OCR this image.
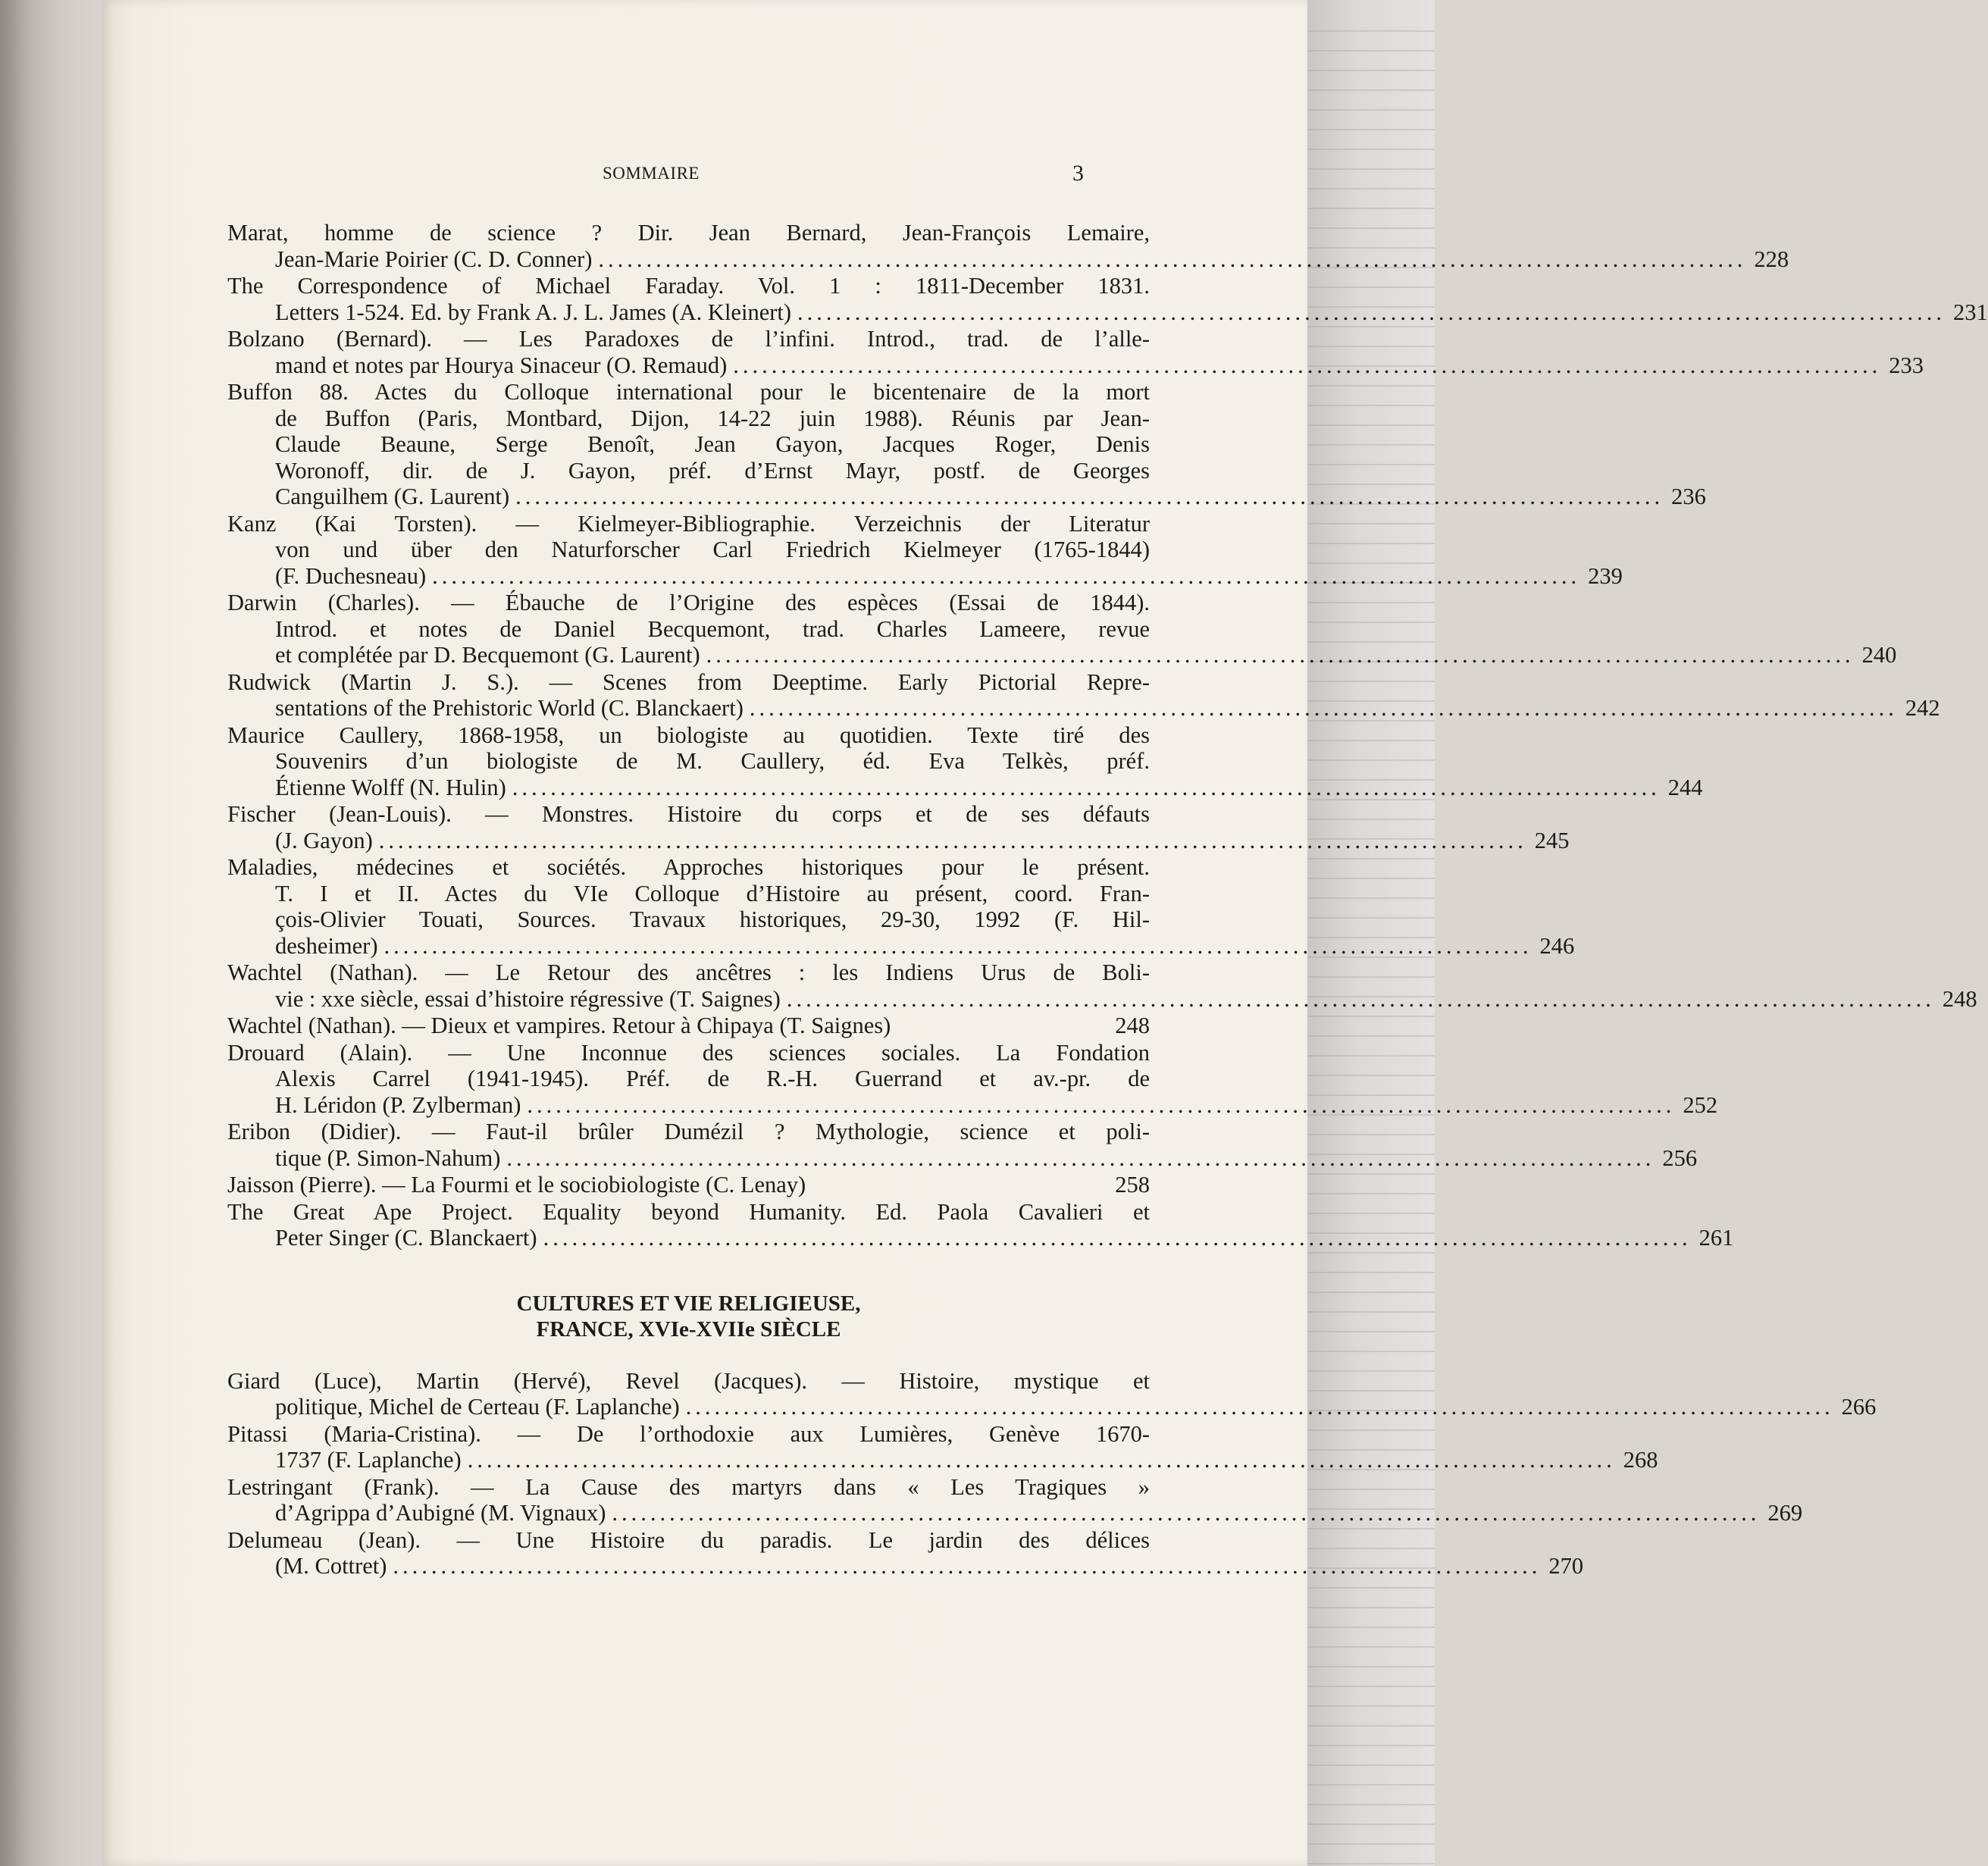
SOMMAIRE	3
Marat, homme de science ? Dir. Jean Bernard, Jean-François Lemaire,
Jean-Marie Poirier (C. D. Conner) ........................................................................................................................ 228
The Correspondence of Michael Faraday. Vol. 1 : 1811-December 1831.
Letters 1-524. Ed. by Frank A. J. L. James (A. Kleinert) ........................................................................................................................ 231
Bolzano (Bernard). — Les Paradoxes de l’infini. Introd., trad. de l’alle-
mand et notes par Hourya Sinaceur (O. Remaud) ........................................................................................................................ 233
Buffon 88. Actes du Colloque international pour le bicentenaire de la mort
de Buffon (Paris, Montbard, Dijon, 14-22 juin 1988). Réunis par Jean-
Claude Beaune, Serge Benoît, Jean Gayon, Jacques Roger, Denis
Woronoff, dir. de J. Gayon, préf. d’Ernst Mayr, postf. de Georges
Canguilhem (G. Laurent) ........................................................................................................................ 236
Kanz (Kai Torsten). — Kielmeyer-Bibliographie. Verzeichnis der Literatur
von und über den Naturforscher Carl Friedrich Kielmeyer (1765-1844)
(F. Duchesneau) ........................................................................................................................ 239
Darwin (Charles). — Ébauche de l’Origine des espèces (Essai de 1844).
Introd. et notes de Daniel Becquemont, trad. Charles Lameere, revue
et complétée par D. Becquemont (G. Laurent) ........................................................................................................................ 240
Rudwick (Martin J. S.). — Scenes from Deeptime. Early Pictorial Repre-
sentations of the Prehistoric World (C. Blanckaert) ........................................................................................................................ 242
Maurice Caullery, 1868-1958, un biologiste au quotidien. Texte tiré des
Souvenirs d’un biologiste de M. Caullery, éd. Eva Telkès, préf.
Étienne Wolff (N. Hulin) ........................................................................................................................ 244
Fischer (Jean-Louis). — Monstres. Histoire du corps et de ses défauts
(J. Gayon) ........................................................................................................................ 245
Maladies, médecines et sociétés. Approches historiques pour le présent.
T. I et II. Actes du VIe Colloque d’Histoire au présent, coord. Fran-
çois-Olivier Touati, Sources. Travaux historiques, 29-30, 1992 (F. Hil-
desheimer) ........................................................................................................................ 246
Wachtel (Nathan). — Le Retour des ancêtres : les Indiens Urus de Boli-
vie : xxe siècle, essai d’histoire régressive (T. Saignes) ........................................................................................................................ 248
Wachtel (Nathan). — Dieux et vampires. Retour à Chipaya (T. Saignes)	248
Drouard (Alain). — Une Inconnue des sciences sociales. La Fondation
Alexis Carrel (1941-1945). Préf. de R.-H. Guerrand et av.-pr. de
H. Léridon (P. Zylberman) ........................................................................................................................ 252
Eribon (Didier). — Faut-il brûler Dumézil ? Mythologie, science et poli-
tique (P. Simon-Nahum) ........................................................................................................................ 256
Jaisson (Pierre). — La Fourmi et le sociobiologiste (C. Lenay)	258
The Great Ape Project. Equality beyond Humanity. Ed. Paola Cavalieri et
Peter Singer (C. Blanckaert) ........................................................................................................................ 261
CULTURES ET VIE RELIGIEUSE,
FRANCE, XVIe-XVIIe SIÈCLE
Giard (Luce), Martin (Hervé), Revel (Jacques). — Histoire, mystique et
politique, Michel de Certeau (F. Laplanche) ........................................................................................................................ 266
Pitassi (Maria-Cristina). — De l’orthodoxie aux Lumières, Genève 1670-
1737 (F. Laplanche) ........................................................................................................................ 268
Lestringant (Frank). — La Cause des martyrs dans « Les Tragiques »
d’Agrippa d’Aubigné (M. Vignaux) ........................................................................................................................ 269
Delumeau (Jean). — Une Histoire du paradis. Le jardin des délices
(M. Cottret) ........................................................................................................................ 270
